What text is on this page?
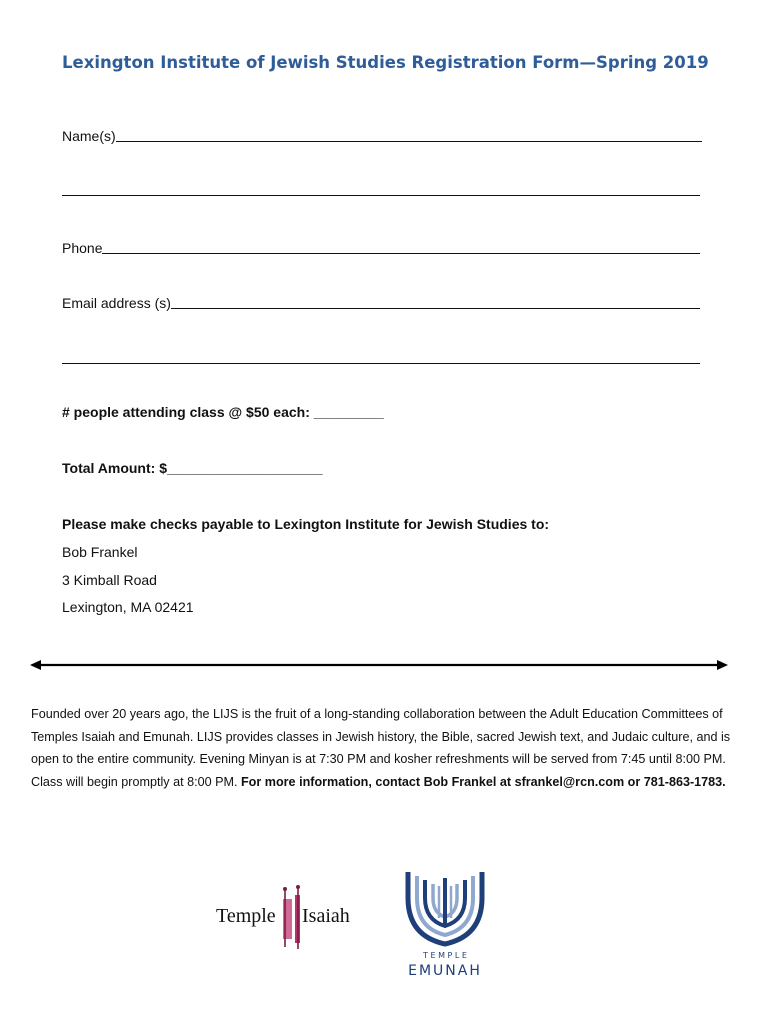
Lexington Institute of Jewish Studies Registration Form—Spring 2019
Name(s)
Phone
Email address (s)
# people attending class @ $50 each: _________
Total Amount: $____________________
Please make checks payable to Lexington Institute for Jewish Studies to:
Bob Frankel
3 Kimball Road
Lexington, MA 02421
Founded over 20 years ago, the LIJS is the fruit of a long-standing collaboration between the Adult Education Committees of Temples Isaiah and Emunah. LIJS provides classes in Jewish history, the Bible, sacred Jewish text, and Judaic culture, and is open to the entire community. Evening Minyan is at 7:30 PM and kosher refreshments will be served from 7:45 until 8:00 PM. Class will begin promptly at 8:00 PM. For more information, contact Bob Frankel at sfrankel@rcn.com or 781-863-1783.
Temple Isaiah
T E M P L E
EMUNAH
